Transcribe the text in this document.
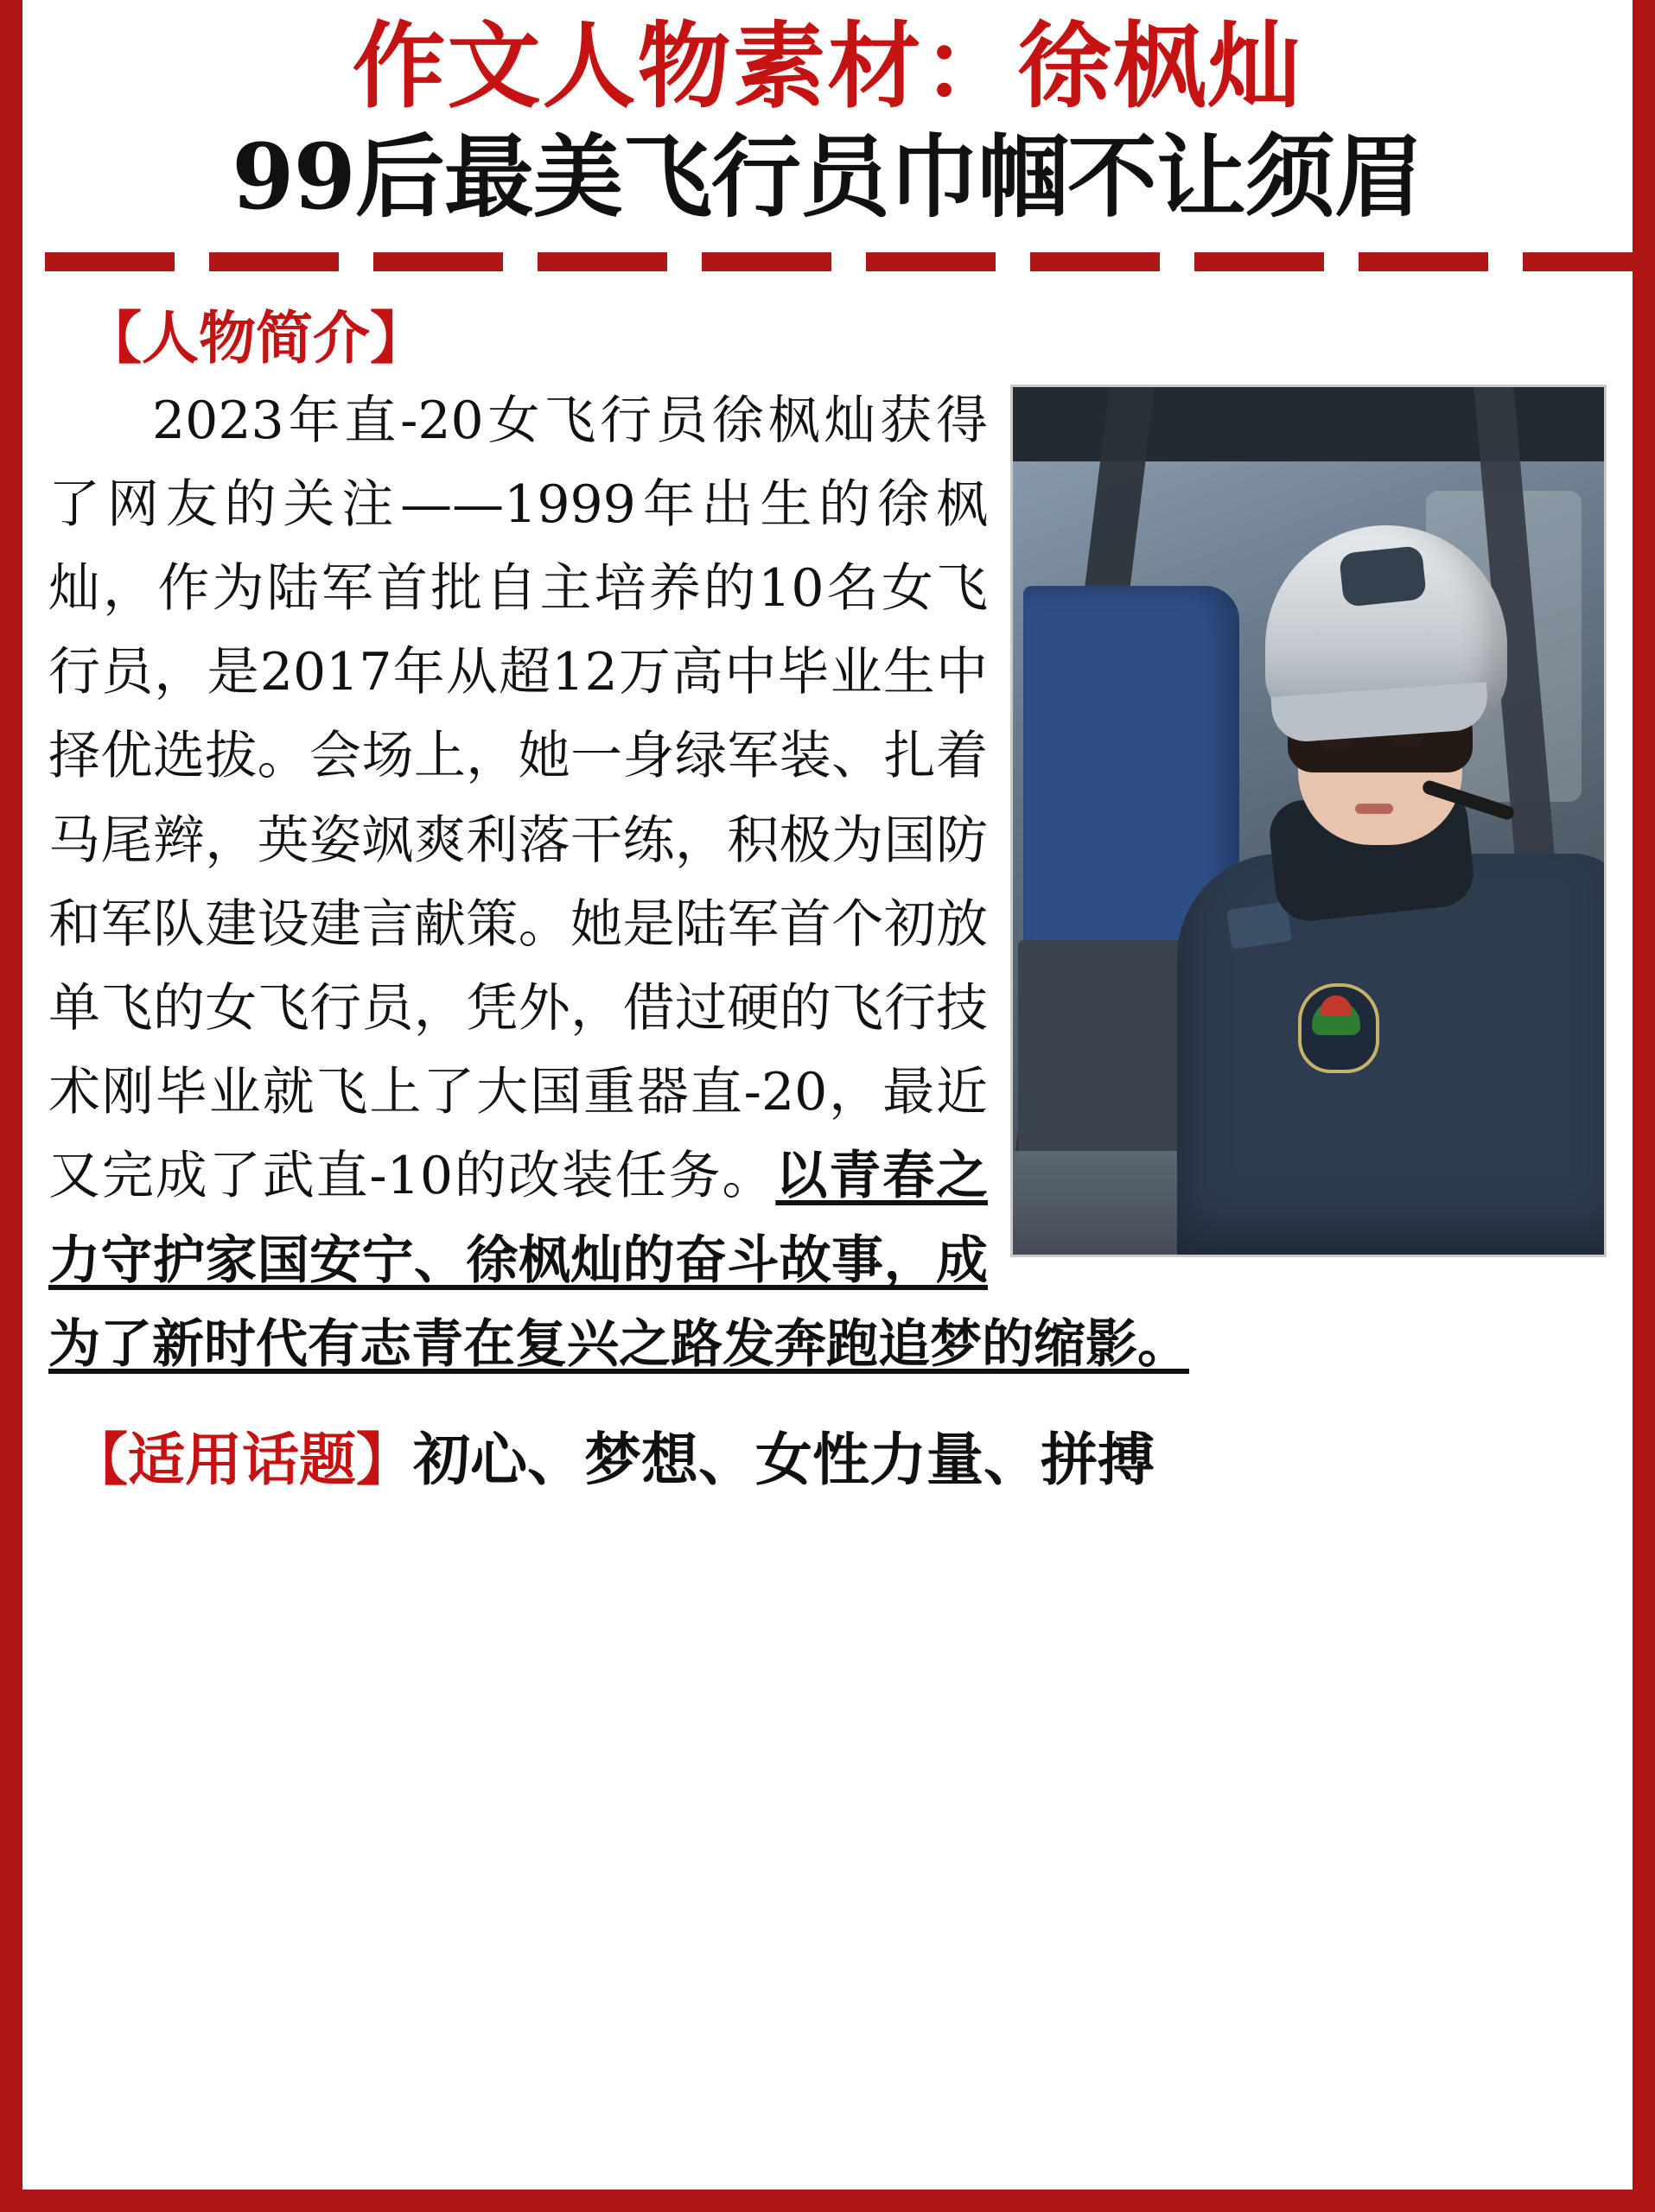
作文人物素材：徐枫灿
99后最美飞行员巾帼不让须眉
【人物简介】

2023年直-20女飞行员徐枫灿获得了网友的关注——1999年出生的徐枫灿，作为陆军首批自主培养的10名女飞行员，是2017年从超12万高中毕业生中择优选拔。会场上，她一身绿军装、扎着马尾辫，英姿飒爽利落干练，积极为国防和军队建设建言献策。她是陆军首个初放单飞的女飞行员，凭外，借过硬的飞行技术刚毕业就飞上了大国重器直-20，最近又完成了武直-10的改装任务。以青春之力守护家国安宁、徐枫灿的奋斗故事，成为了新时代有志青在复兴之路发奔跑追梦的缩影。

【适用话题】初心、梦想、女性力量、拼搏
